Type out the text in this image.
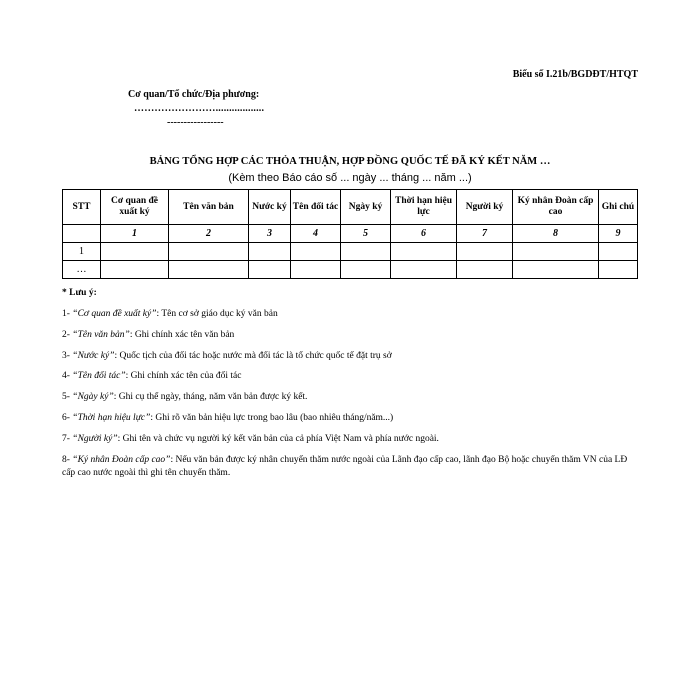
Biểu số I.21b/BGDĐT/HTQT
Cơ quan/Tổ chức/Địa phương:
……………………..................
-----------------
BẢNG TỔNG HỢP CÁC THỎA THUẬN, HỢP ĐỒNG QUỐC TẾ ĐÃ KÝ KẾT NĂM …
(Kèm theo Báo cáo số ... ngày ... tháng ... năm ...)
STT	Cơ quan đề xuất ký	Tên văn bản	Nước ký	Tên đối tác	Ngày ký	Thời hạn hiệu lực	Người ký	Ký nhân Đoàn cấp cao	Ghi chú
	1	2	3	4	5	6	7	8	9
1									
…									
* Lưu ý:
1- “Cơ quan đề xuất ký”: Tên cơ sở giáo dục ký văn bản
2- “Tên văn bản”: Ghi chính xác tên văn bản
3- “Nước ký”: Quốc tịch của đối tác hoặc nước mà đối tác là tổ chức quốc tế đặt trụ sở
4- “Tên đối tác”: Ghi chính xác tên của đối tác
5- “Ngày ký”: Ghi cụ thể ngày, tháng, năm văn bản được ký kết.
6- “Thời hạn hiệu lực”: Ghi rõ văn bản hiệu lực trong bao lâu (bao nhiêu tháng/năm...)
7- “Người ký”: Ghi tên và chức vụ người ký kết văn bản của cả phía Việt Nam và phía nước ngoài.
8- “Ký nhân Đoàn cấp cao”: Nếu văn bản được ký nhân chuyến thăm nước ngoài của Lãnh đạo cấp cao, lãnh đạo Bộ hoặc chuyến thăm VN của LĐ cấp cao nước ngoài thì ghi tên chuyến thăm.
